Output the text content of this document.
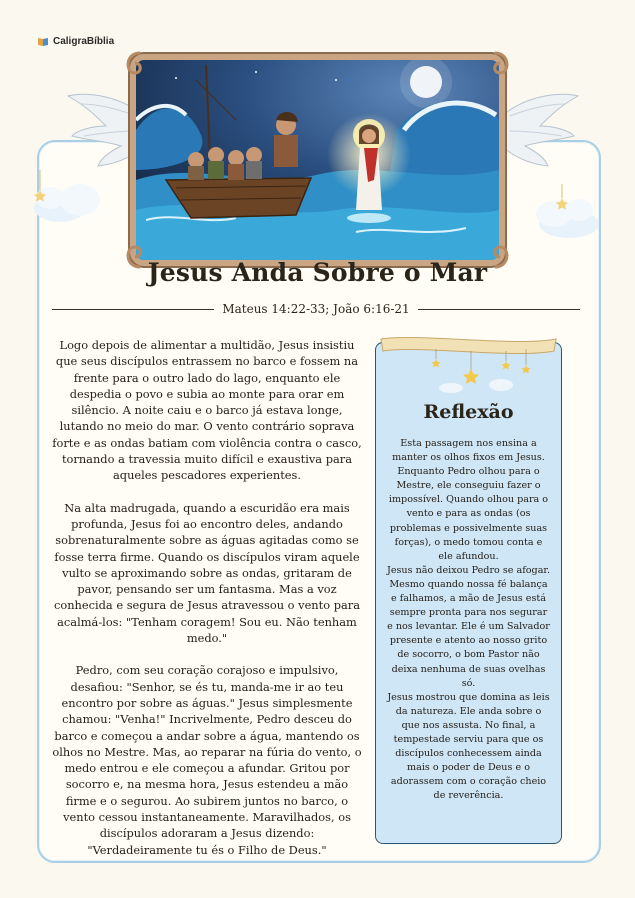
CaligraBíblia
Jesus Anda Sobre o Mar
Mateus 14:22-33; João 6:16-21

Logo depois de alimentar a multidão, Jesus insistiu que seus discípulos entrassem no barco e fossem na frente para o outro lado do lago, enquanto ele despedia o povo e subia ao monte para orar em silêncio. A noite caiu e o barco já estava longe, lutando no meio do mar. O vento contrário soprava forte e as ondas batiam com violência contra o casco, tornando a travessia muito difícil e exaustiva para aqueles pescadores experientes.

Na alta madrugada, quando a escuridão era mais profunda, Jesus foi ao encontro deles, andando sobrenaturalmente sobre as águas agitadas como se fosse terra firme. Quando os discípulos viram aquele vulto se aproximando sobre as ondas, gritaram de pavor, pensando ser um fantasma. Mas a voz conhecida e segura de Jesus atravessou o vento para acalmá-los: "Tenham coragem! Sou eu. Não tenham medo."

Pedro, com seu coração corajoso e impulsivo, desafiou: "Senhor, se és tu, manda-me ir ao teu encontro por sobre as águas." Jesus simplesmente chamou: "Venha!" Incrivelmente, Pedro desceu do barco e começou a andar sobre a água, mantendo os olhos no Mestre. Mas, ao reparar na fúria do vento, o medo entrou e ele começou a afundar. Gritou por socorro e, na mesma hora, Jesus estendeu a mão firme e o segurou. Ao subirem juntos no barco, o vento cessou instantaneamente. Maravilhados, os discípulos adoraram a Jesus dizendo: "Verdadeiramente tu és o Filho de Deus."

Reflexão

Esta passagem nos ensina a manter os olhos fixos em Jesus. Enquanto Pedro olhou para o Mestre, ele conseguiu fazer o impossível. Quando olhou para o vento e para as ondas (os problemas e possivelmente suas forças), o medo tomou conta e ele afundou.

Jesus não deixou Pedro se afogar. Mesmo quando nossa fé balança e falhamos, a mão de Jesus está sempre pronta para nos segurar e nos levantar. Ele é um Salvador presente e atento ao nosso grito de socorro, o bom Pastor não deixa nenhuma de suas ovelhas só.

Jesus mostrou que domina as leis da natureza. Ele anda sobre o que nos assusta. No final, a tempestade serviu para que os discípulos conhecessem ainda mais o poder de Deus e o adorassem com o coração cheio de reverência.
